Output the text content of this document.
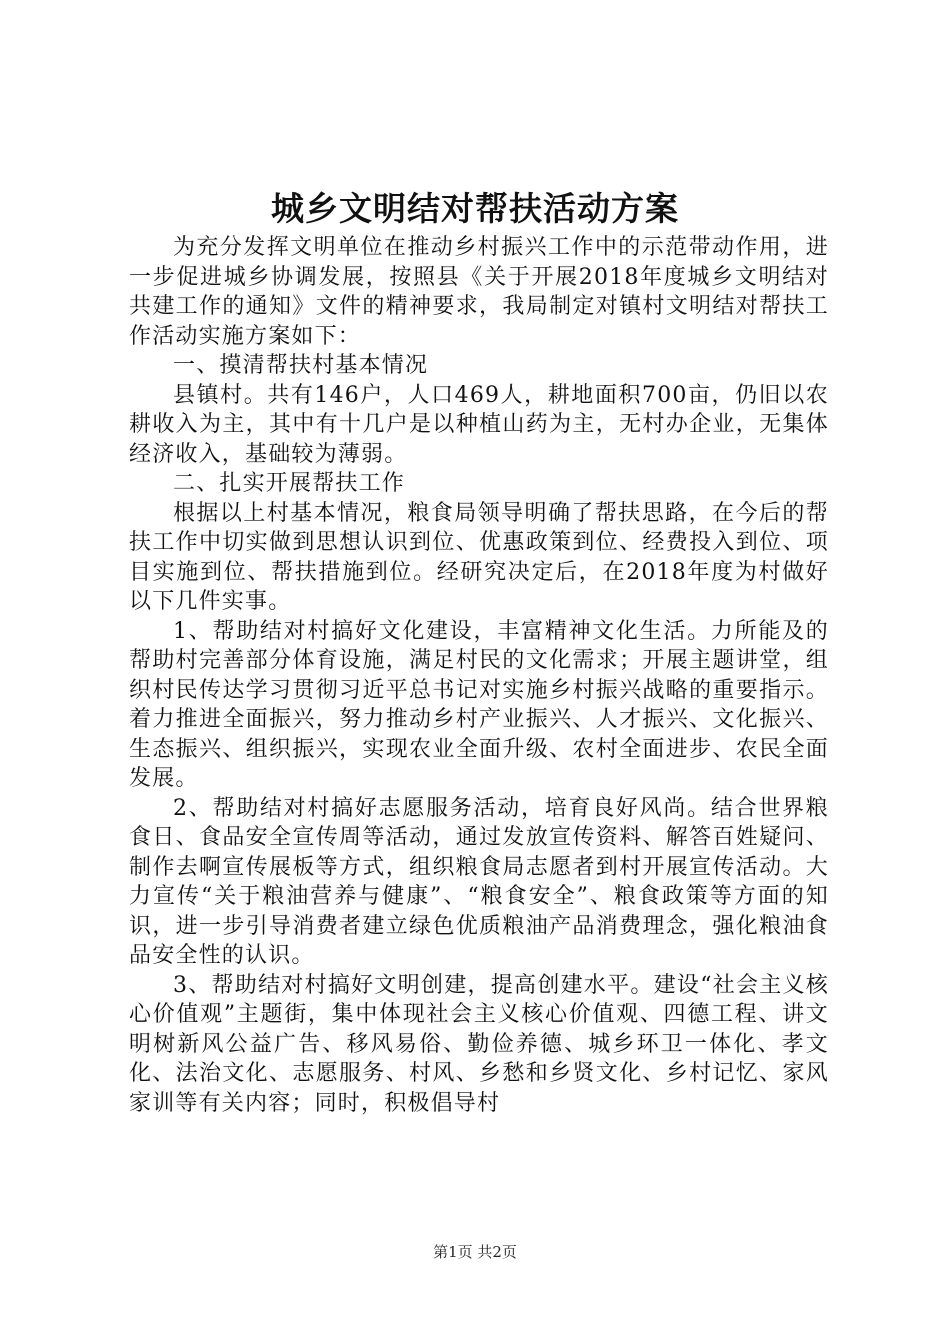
城乡文明结对帮扶活动方案

为充分发挥文明单位在推动乡村振兴工作中的示范带动作用，进一步促进城乡协调发展，按照县《关于开展2018年度城乡文明结对共建工作的通知》文件的精神要求，我局制定对镇村文明结对帮扶工作活动实施方案如下：

一、摸清帮扶村基本情况

县镇村。共有146户，人口469人，耕地面积700亩，仍旧以农耕收入为主，其中有十几户是以种植山药为主，无村办企业，无集体经济收入，基础较为薄弱。

二、扎实开展帮扶工作

根据以上村基本情况，粮食局领导明确了帮扶思路，在今后的帮扶工作中切实做到思想认识到位、优惠政策到位、经费投入到位、项目实施到位、帮扶措施到位。经研究决定后，在2018年度为村做好以下几件实事。

1、帮助结对村搞好文化建设，丰富精神文化生活。力所能及的帮助村完善部分体育设施，满足村民的文化需求；开展主题讲堂，组织村民传达学习贯彻习近平总书记对实施乡村振兴战略的重要指示。着力推进全面振兴，努力推动乡村产业振兴、人才振兴、文化振兴、生态振兴、组织振兴，实现农业全面升级、农村全面进步、农民全面发展。

2、帮助结对村搞好志愿服务活动，培育良好风尚。结合世界粮食日、食品安全宣传周等活动，通过发放宣传资料、解答百姓疑问、制作去啊宣传展板等方式，组织粮食局志愿者到村开展宣传活动。大力宣传“关于粮油营养与健康”、“粮食安全”、粮食政策等方面的知识，进一步引导消费者建立绿色优质粮油产品消费理念，强化粮油食品安全性的认识。

3、帮助结对村搞好文明创建，提高创建水平。建设“社会主义核心价值观”主题街，集中体现社会主义核心价值观、四德工程、讲文明树新风公益广告、移风易俗、勤俭养德、城乡环卫一体化、孝文化、法治文化、志愿服务、村风、乡愁和乡贤文化、乡村记忆、家风家训等有关内容；同时，积极倡导村

第1页 共2页
